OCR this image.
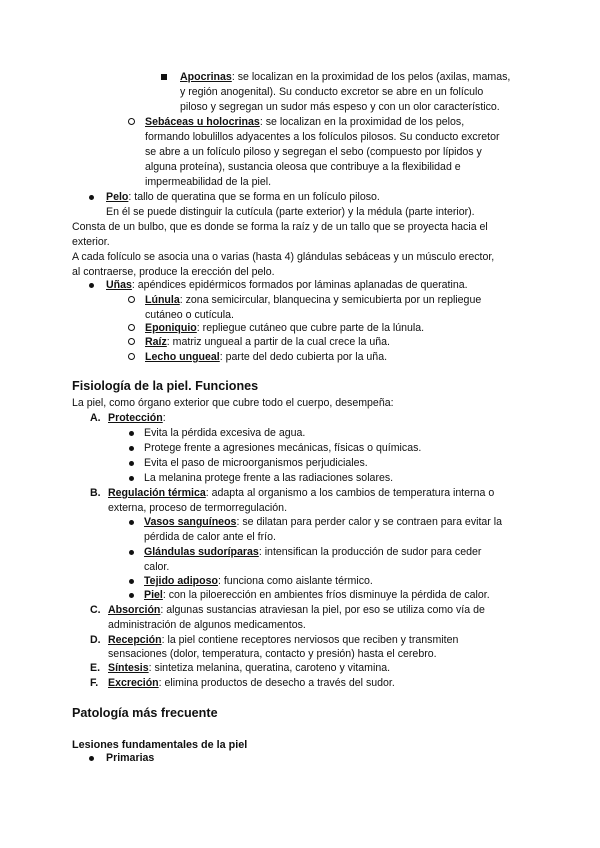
Apocrinas: se localizan en la proximidad de los pelos (axilas, mamas,
y región anogenital). Su conducto excretor se abre en un folículo
piloso y segregan un sudor más espeso y con un olor característico.
Sebáceas u holocrinas: se localizan en la proximidad de los pelos,
formando lobulillos adyacentes a los folículos pilosos. Su conducto excretor
se abre a un folículo piloso y segregan el sebo (compuesto por lípidos y
alguna proteína), sustancia oleosa que contribuye a la flexibilidad e
impermeabilidad de la piel.
Pelo: tallo de queratina que se forma en un folículo piloso.
En él se puede distinguir la cutícula (parte exterior) y la médula (parte interior).
Consta de un bulbo, que es donde se forma la raíz y de un tallo que se proyecta hacia el
exterior.
A cada folículo se asocia una o varias (hasta 4) glándulas sebáceas y un músculo erector,
al contraerse, produce la erección del pelo.
Uñas: apéndices epidérmicos formados por láminas aplanadas de queratina.
Lúnula: zona semicircular, blanquecina y semicubierta por un repliegue
cutáneo o cutícula.
Eponiquio: repliegue cutáneo que cubre parte de la lúnula.
Raíz: matriz ungueal a partir de la cual crece la uña.
Lecho ungueal: parte del dedo cubierta por la uña.
Fisiología de la piel. Funciones
La piel, como órgano exterior que cubre todo el cuerpo, desempeña:
A. Protección:
Evita la pérdida excesiva de agua.
Protege frente a agresiones mecánicas, físicas o químicas.
Evita el paso de microorganismos perjudiciales.
La melanina protege frente a las radiaciones solares.
B. Regulación térmica: adapta al organismo a los cambios de temperatura interna o
externa, proceso de termorregulación.
Vasos sanguíneos: se dilatan para perder calor y se contraen para evitar la
pérdida de calor ante el frío.
Glándulas sudoríparas: intensifican la producción de sudor para ceder
calor.
Tejido adiposo: funciona como aislante térmico.
Piel: con la piloerección en ambientes fríos disminuye la pérdida de calor.
C. Absorción: algunas sustancias atraviesan la piel, por eso se utiliza como vía de
administración de algunos medicamentos.
D. Recepción: la piel contiene receptores nerviosos que reciben y transmiten
sensaciones (dolor, temperatura, contacto y presión) hasta el cerebro.
E. Síntesis: sintetiza melanina, queratina, caroteno y vitamina.
F. Excreción: elimina productos de desecho a través del sudor.
Patología más frecuente
Lesiones fundamentales de la piel
Primarias
